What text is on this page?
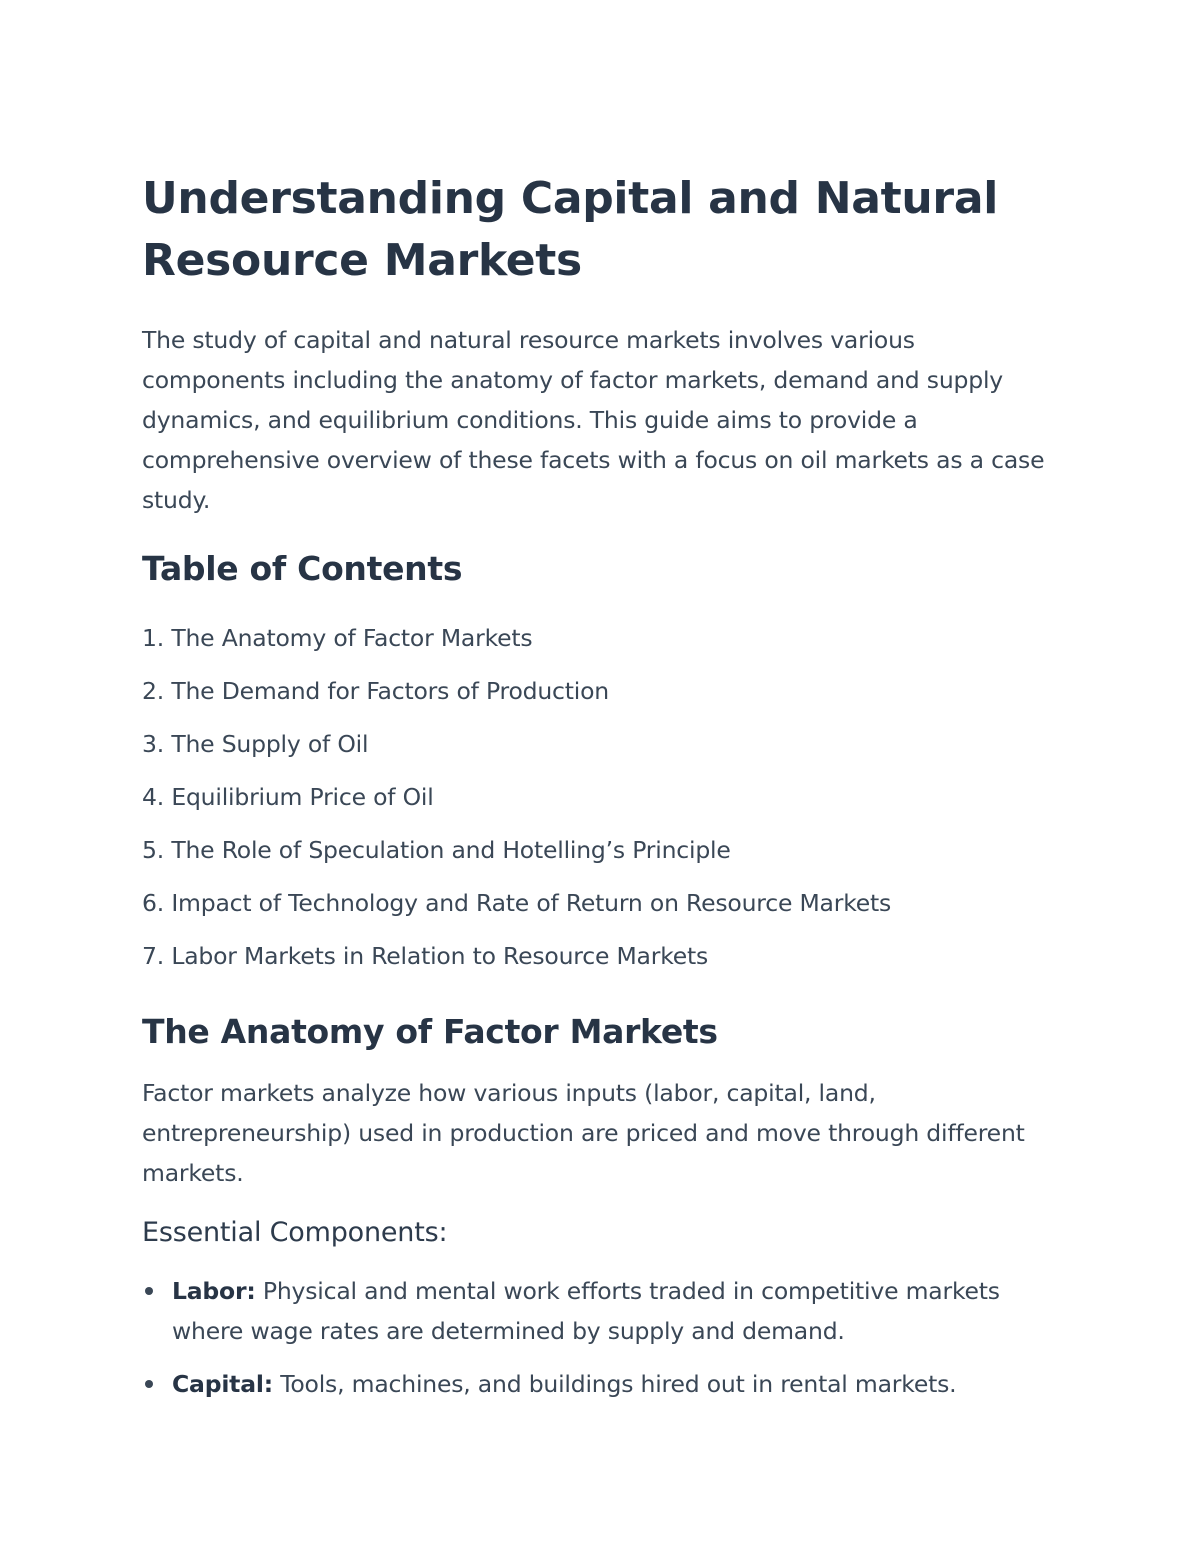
Understanding Capital and Natural Resource Markets

The study of capital and natural resource markets involves various components including the anatomy of factor markets, demand and supply dynamics, and equilibrium conditions. This guide aims to provide a comprehensive overview of these facets with a focus on oil markets as a case study.

Table of Contents
1. The Anatomy of Factor Markets
2. The Demand for Factors of Production
3. The Supply of Oil
4. Equilibrium Price of Oil
5. The Role of Speculation and Hotelling’s Principle
6. Impact of Technology and Rate of Return on Resource Markets
7. Labor Markets in Relation to Resource Markets
The Anatomy of Factor Markets

Factor markets analyze how various inputs (labor, capital, land, entrepreneurship) used in production are priced and move through different markets.

Essential Components:
Labor: Physical and mental work efforts traded in competitive markets where wage rates are determined by supply and demand.
Capital: Tools, machines, and buildings hired out in rental markets.
